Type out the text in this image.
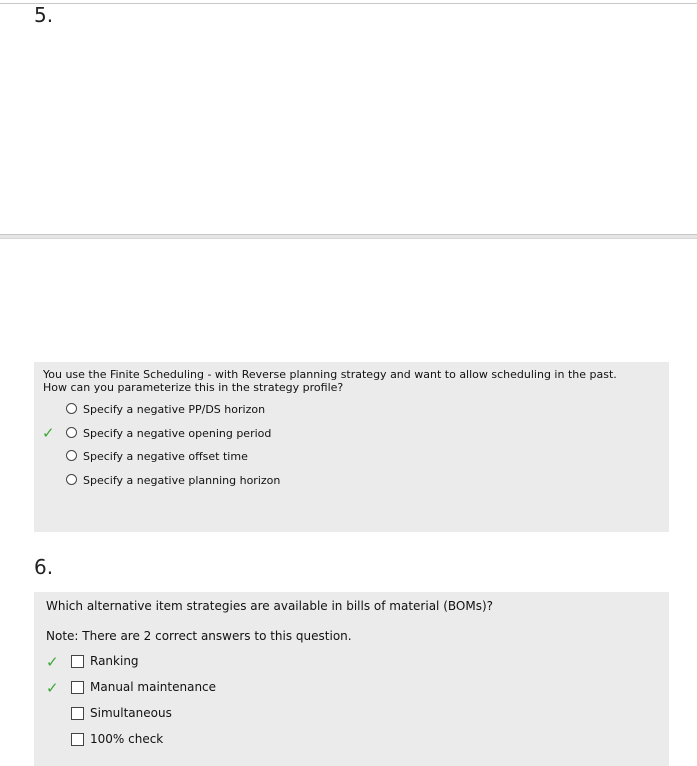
5.
You use the Finite Scheduling - with Reverse planning strategy and want to allow scheduling in the past.
How can you parameterize this in the strategy profile?
Specify a negative PP/DS horizon
✓	Specify a negative opening period
Specify a negative offset time
Specify a negative planning horizon
6.
Which alternative item strategies are available in bills of material (BOMs)?
Note: There are 2 correct answers to this question.
✓	Ranking
✓	Manual maintenance
Simultaneous
100% check
